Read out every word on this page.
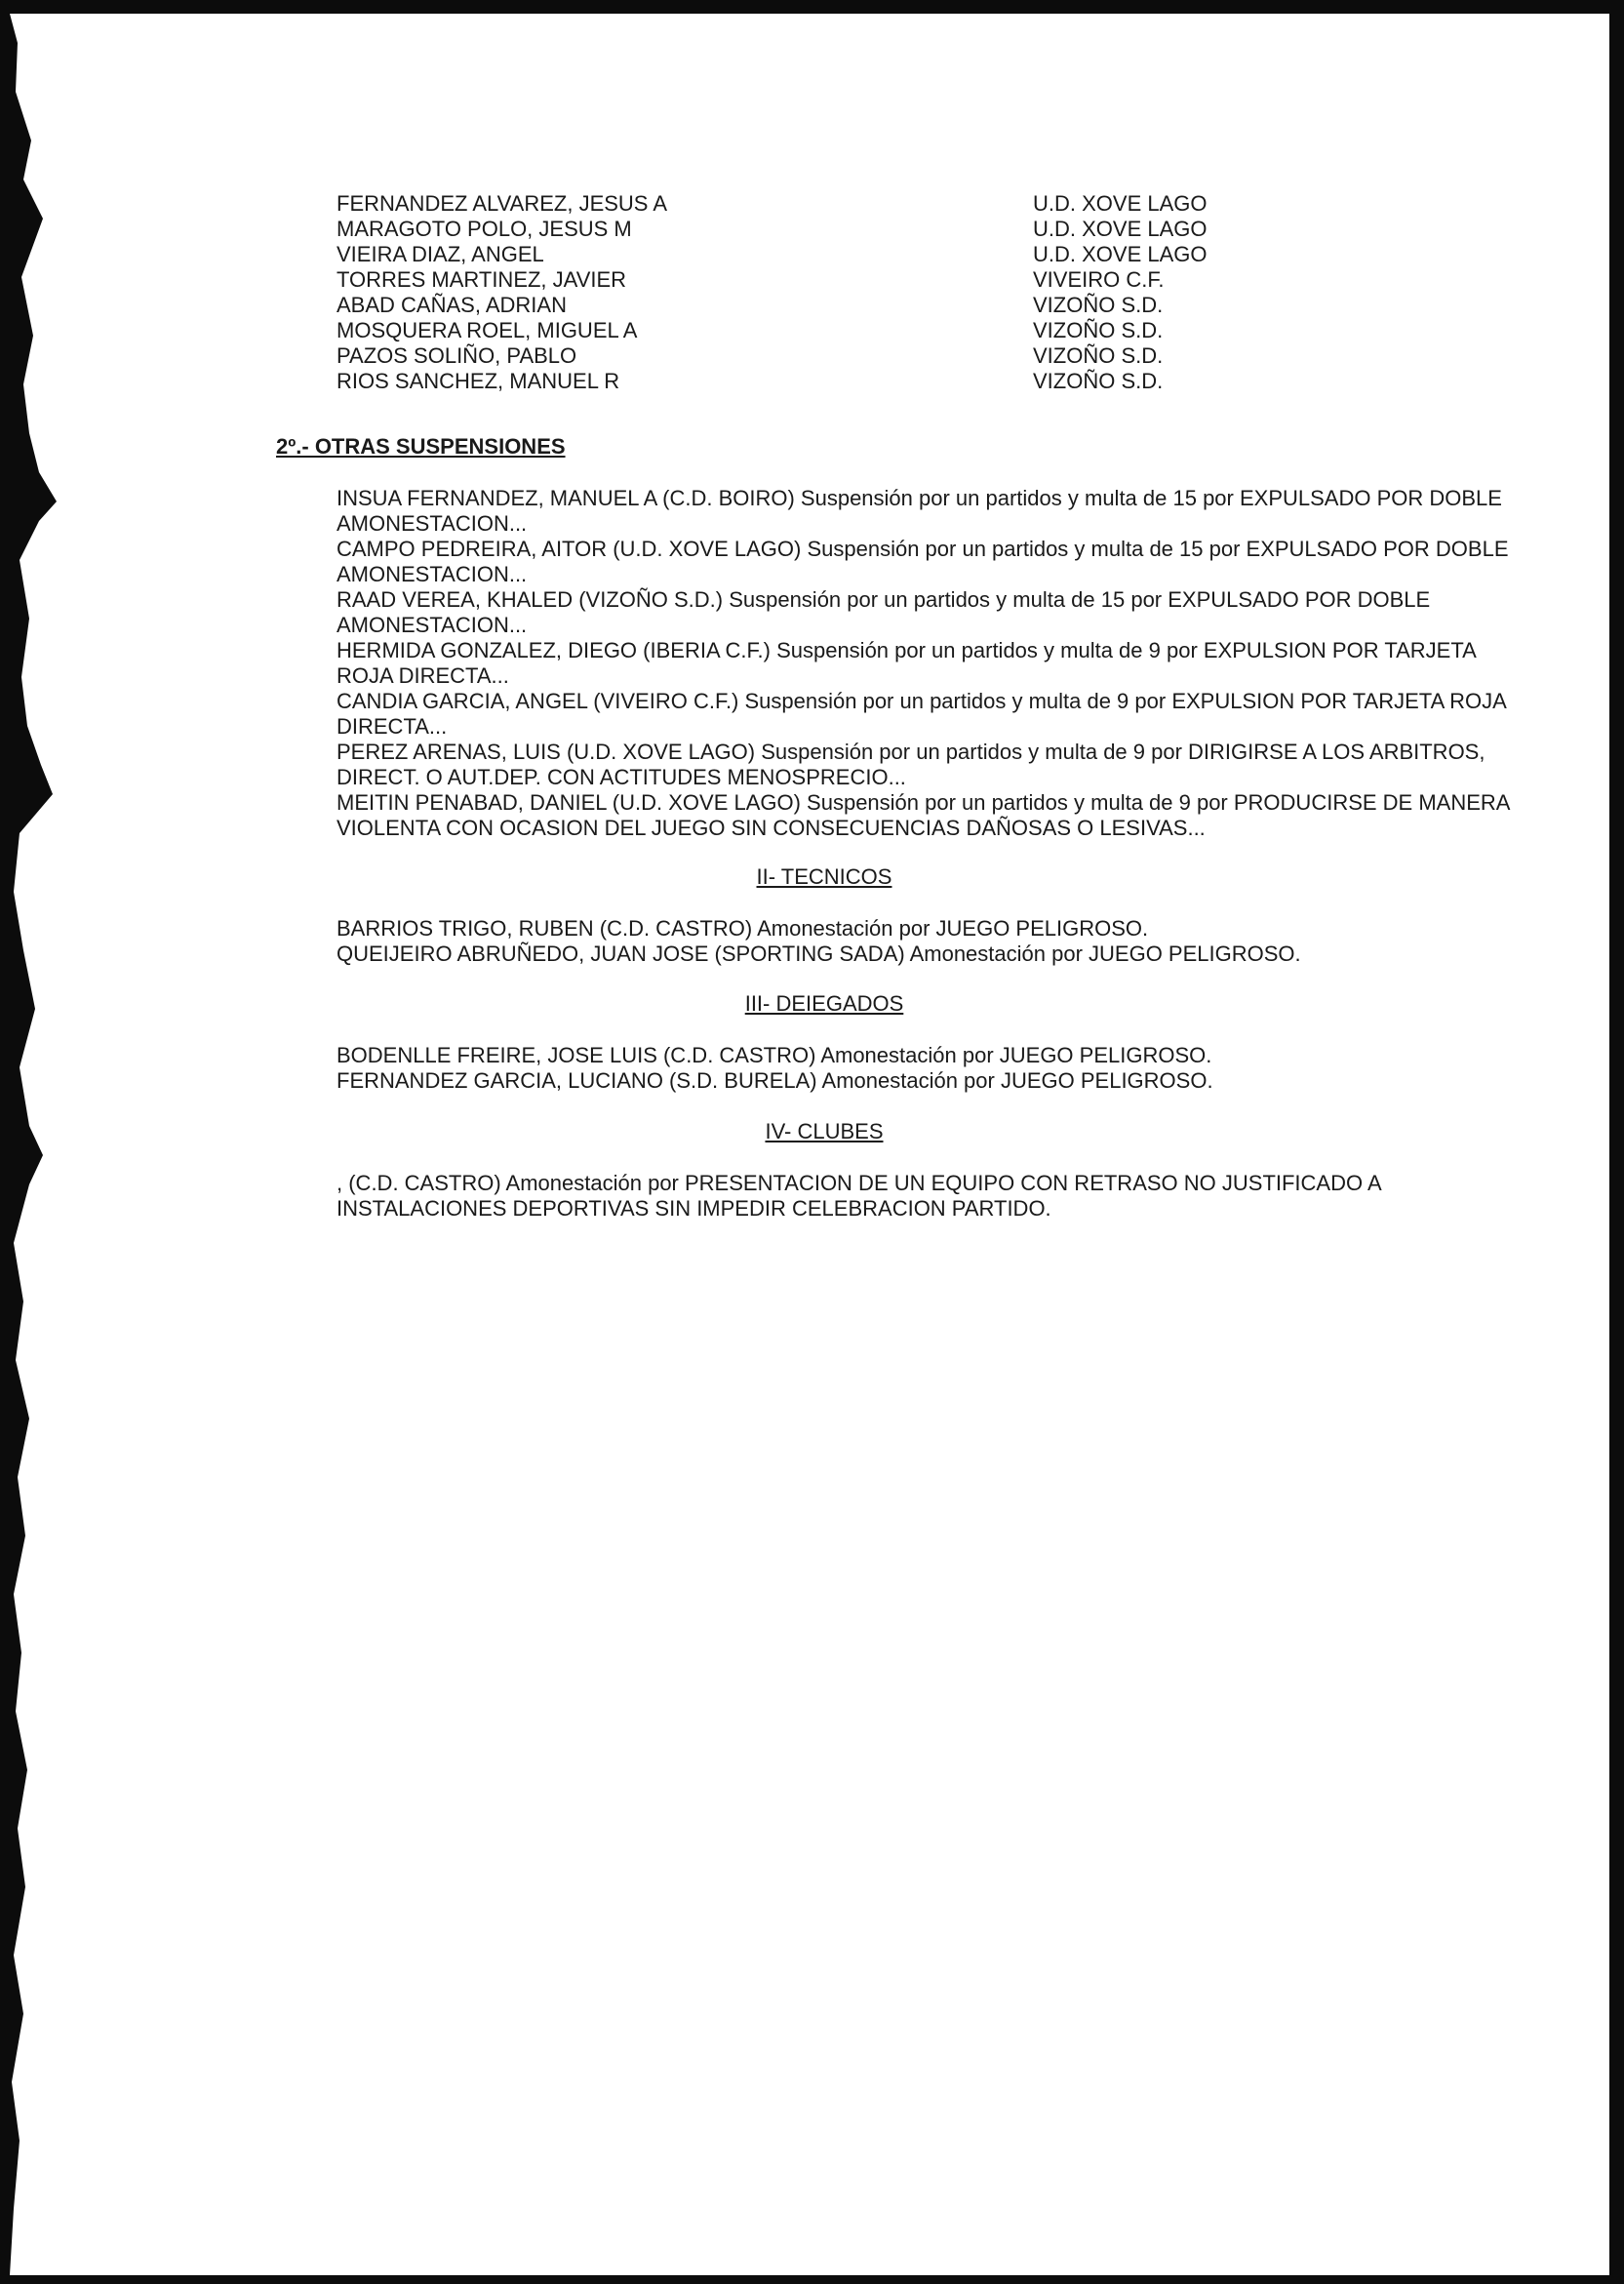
FERNANDEZ ALVAREZ, JESUS A	U.D. XOVE LAGO
MARAGOTO POLO, JESUS M	U.D. XOVE LAGO
VIEIRA DIAZ, ANGEL	U.D. XOVE LAGO
TORRES MARTINEZ, JAVIER	VIVEIRO C.F.
ABAD CAÑAS, ADRIAN	VIZOÑO S.D.
MOSQUERA ROEL, MIGUEL A	VIZOÑO S.D.
PAZOS SOLIÑO, PABLO	VIZOÑO S.D.
RIOS SANCHEZ, MANUEL R	VIZOÑO S.D.
2º.- OTRAS SUSPENSIONES

INSUA FERNANDEZ, MANUEL A (C.D. BOIRO) Suspensión por un partidos y multa de 15 por EXPULSADO POR DOBLE AMONESTACION...

CAMPO PEDREIRA, AITOR (U.D. XOVE LAGO) Suspensión por un partidos y multa de 15 por EXPULSADO POR DOBLE AMONESTACION...

RAAD VEREA, KHALED (VIZOÑO S.D.) Suspensión por un partidos y multa de 15 por EXPULSADO POR DOBLE AMONESTACION...

HERMIDA GONZALEZ, DIEGO (IBERIA C.F.) Suspensión por un partidos y multa de 9 por EXPULSION POR TARJETA ROJA DIRECTA...

CANDIA GARCIA, ANGEL (VIVEIRO C.F.) Suspensión por un partidos y multa de 9 por EXPULSION POR TARJETA ROJA DIRECTA...

PEREZ ARENAS, LUIS (U.D. XOVE LAGO) Suspensión por un partidos y multa de 9 por DIRIGIRSE A LOS ARBITROS, DIRECT. O AUT.DEP. CON ACTITUDES MENOSPRECIO...

MEITIN PENABAD, DANIEL (U.D. XOVE LAGO) Suspensión por un partidos y multa de 9 por PRODUCIRSE DE MANERA VIOLENTA CON OCASION DEL JUEGO SIN CONSECUENCIAS DAÑOSAS O LESIVAS...

II- TECNICOS

BARRIOS TRIGO, RUBEN (C.D. CASTRO) Amonestación por JUEGO PELIGROSO.

QUEIJEIRO ABRUÑEDO, JUAN JOSE (SPORTING SADA) Amonestación por JUEGO PELIGROSO.

III- DEIEGADOS

BODENLLE FREIRE, JOSE LUIS (C.D. CASTRO) Amonestación por JUEGO PELIGROSO.

FERNANDEZ GARCIA, LUCIANO (S.D. BURELA) Amonestación por JUEGO PELIGROSO.

IV- CLUBES

, (C.D. CASTRO) Amonestación por PRESENTACION DE UN EQUIPO CON RETRASO NO JUSTIFICADO A INSTALACIONES DEPORTIVAS SIN IMPEDIR CELEBRACION PARTIDO.
